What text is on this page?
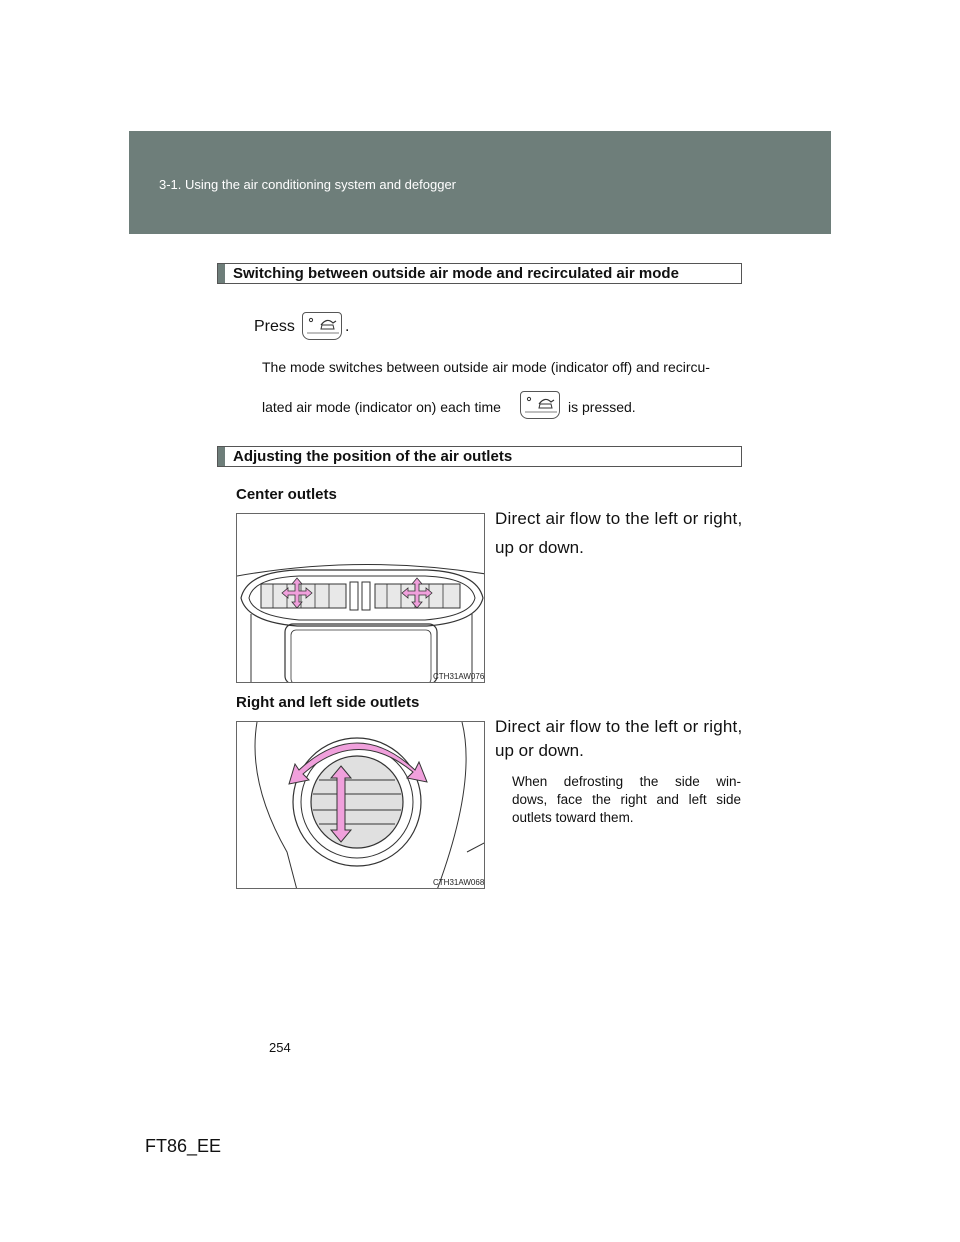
3-1. Using the air conditioning system and defogger
Switching between outside air mode and recirculated air mode
Press	.
The mode switches between outside air mode (indicator off) and recircu-
lated air mode (indicator on) each time	is pressed.
Adjusting the position of the air outlets
Center outlets
Direct air flow to the left or right,
up or down.
CTH31AW076
Right and left side outlets
Direct air flow to the left or right,
up or down.
When defrosting the side win-
dows, face the right and left side
outlets toward them.
CTH31AW068
254
FT86_EE
